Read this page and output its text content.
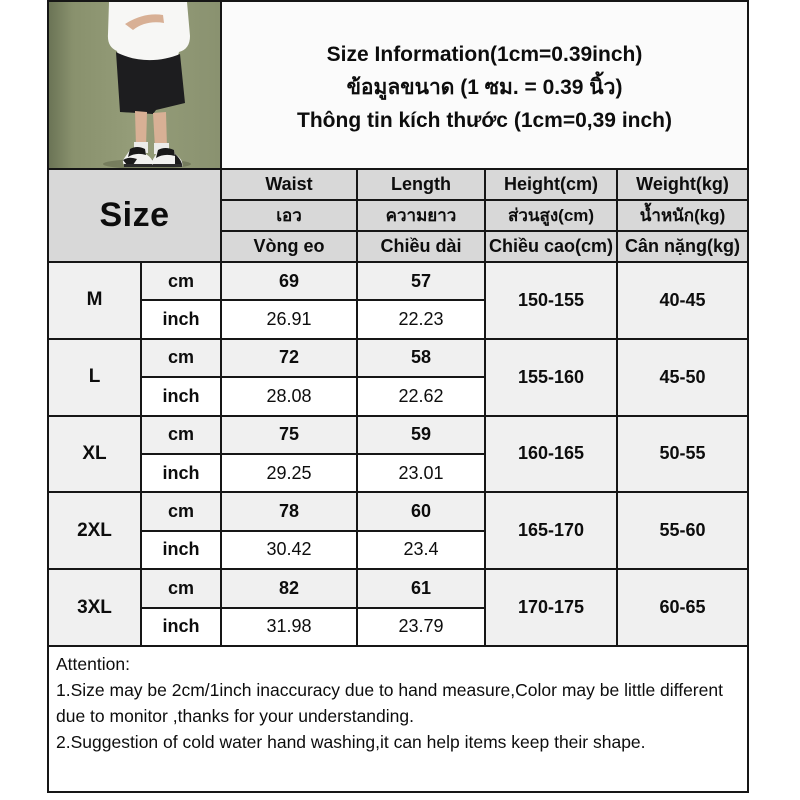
Size Information(1cm=0.39inch)
ข้อมูลขนาด (1 ซม. = 0.39 นิ้ว)
Thông tin kích thước (1cm=0,39 inch)			

Size		Waist	Length	Height(cm)	Weight(kg)
		เอว	ความยาว	ส่วนสูง(cm)	น้ำหนัก(kg)
		Vòng eo	Chiều dài	Chiều cao(cm)	Cân nặng(kg)
M	cm	69	57	150-155	40-45
	inch	26.91	22.23		
L	cm	72	58	155-160	45-50
	inch	28.08	22.62		
XL	cm	75	59	160-165	50-55
	inch	29.25	23.01		
2XL	cm	78	60	165-170	55-60
	inch	30.42	23.4		
3XL	cm	82	61	170-175	60-65
	inch	31.98	23.79		

Attention:
1.Size may be 2cm/1inch inaccuracy due to hand measure,Color may be little different due to monitor ,thanks for your understanding.
2.Suggestion of cold water hand washing,it can help items keep their shape.					
